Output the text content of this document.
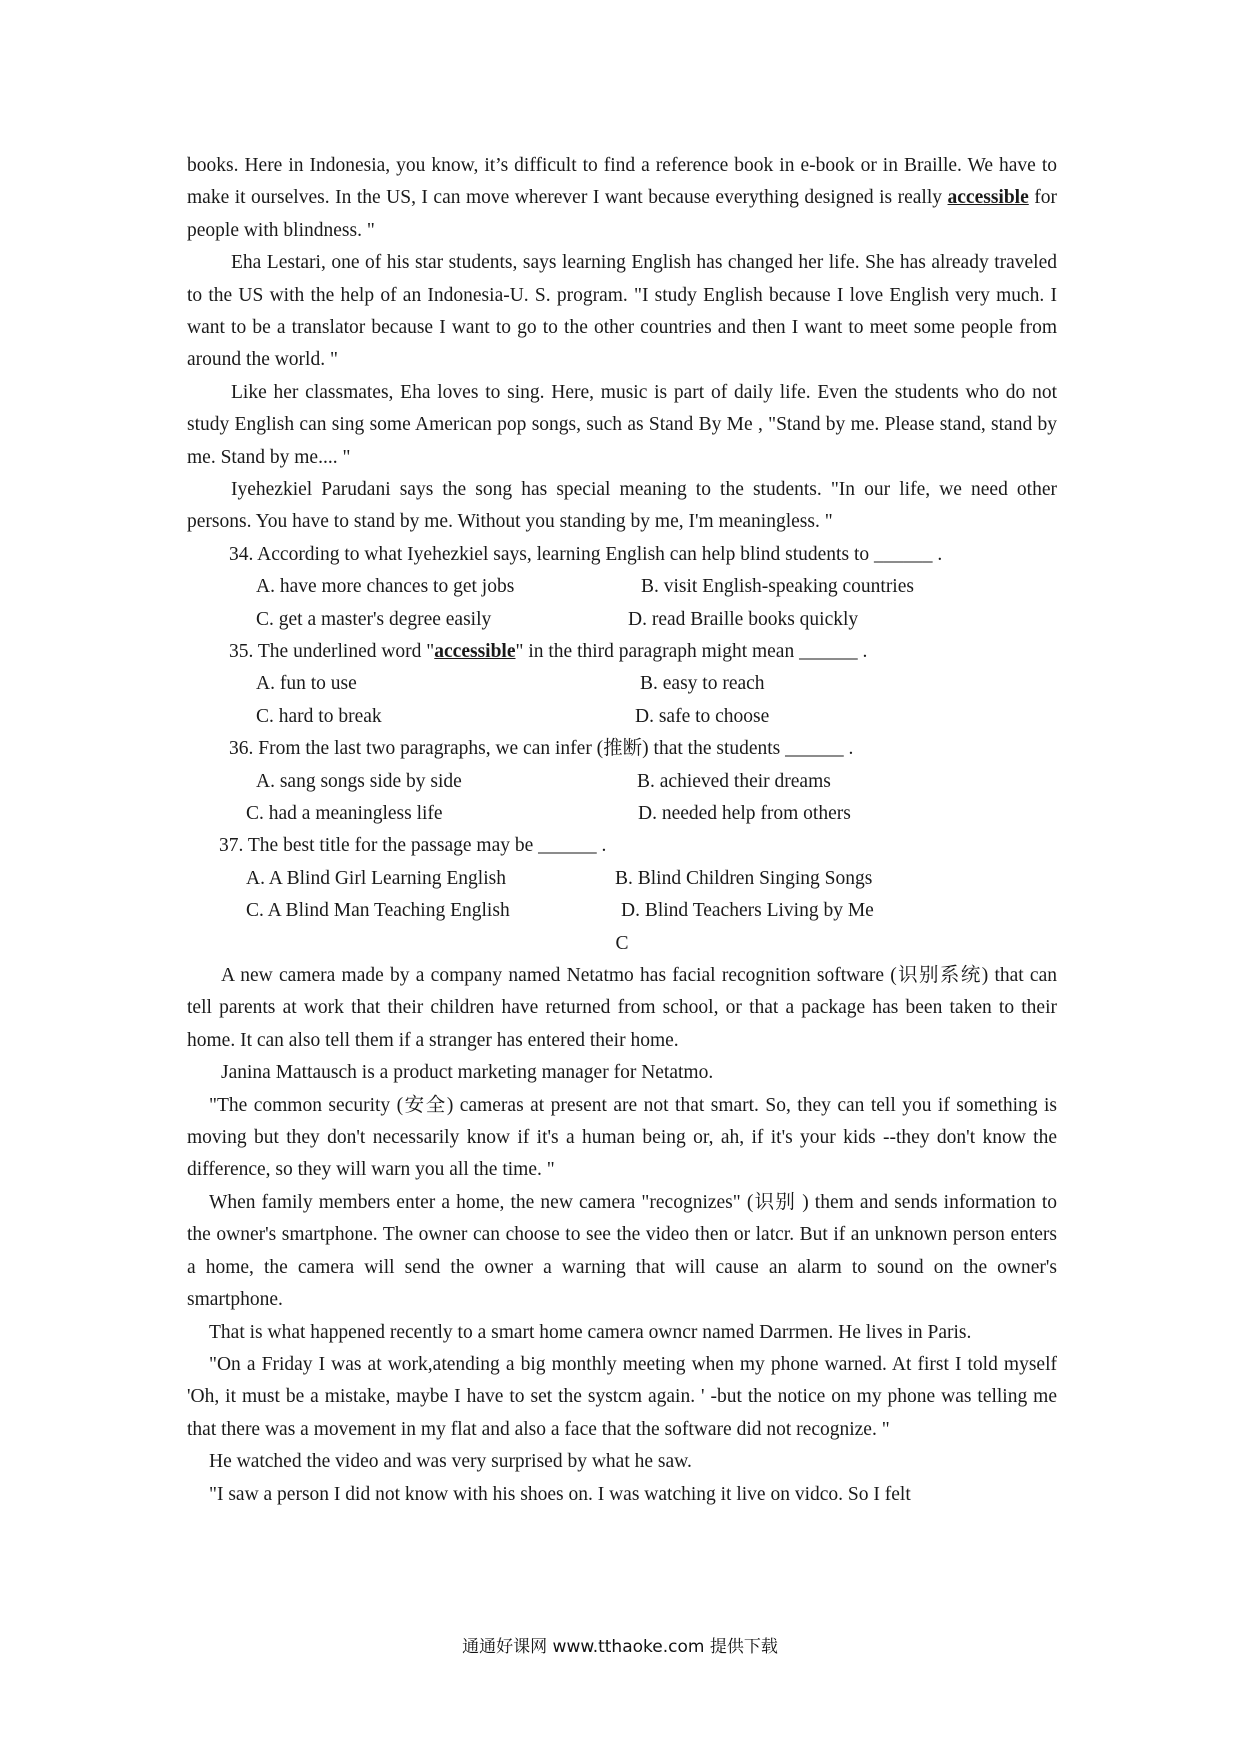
books. Here in Indonesia, you know, it’s difficult to find a reference book in e-book or in Braille. We have to make it ourselves. In the US, I can move wherever I want because everything designed is really accessible for people with blindness. "

Eha Lestari, one of his star students, says learning English has changed her life. She has already traveled to the US with the help of an Indonesia-U. S. program. "I study English because I love English very much. I want to be a translator because I want to go to the other countries and then I want to meet some people from around the world. "

Like her classmates, Eha loves to sing. Here, music is part of daily life. Even the students who do not study English can sing some American pop songs, such as Stand By Me , "Stand by me. Please stand, stand by me. Stand by me.... "

Iyehezkiel Parudani says the song has special meaning to the students. "In our life, we need other persons. You have to stand by me. Without you standing by me, I'm meaningless. "

34. According to what Iyehezkiel says, learning English can help blind students to ______ .

A. have more chances to get jobs	B. visit English-speaking countries
C. get a master's degree easily	D. read Braille books quickly

35. The underlined word "accessible" in the third paragraph might mean ______ .

A. fun to use	B. easy to reach
C. hard to break	D. safe to choose

36. From the last two paragraphs, we can infer (推断) that the students ______ .

A. sang songs side by side	B. achieved their dreams
C. had a meaningless life	D. needed help from others

37. The best title for the passage may be ______ .

A. A Blind Girl Learning English	B. Blind Children Singing Songs
C. A Blind Man Teaching English	D. Blind Teachers Living by Me

C

A new camera made by a company named Netatmo has facial recognition software (识别系统) that can tell parents at work that their children have returned from school, or that a package has been taken to their home. It can also tell them if a stranger has entered their home.

Janina Mattausch is a product marketing manager for Netatmo.

"The common security (安全) cameras at present are not that smart. So, they can tell you if something is moving but they don't necessarily know if it's a human being or, ah, if it's your kids --they don't know the difference, so they will warn you all the time. "

When family members enter a home, the new camera "recognizes" (识别 ) them and sends information to the owner's smartphone. The owner can choose to see the video then or latcr. But if an unknown person enters a home, the camera will send the owner a warning that will cause an alarm to sound on the owner's smartphone.

That is what happened recently to a smart home camera owncr named Darrmen. He lives in Paris.

"On a Friday I was at work,atending a big monthly meeting when my phone warned. At first I told myself 'Oh, it must be a mistake, maybe I have to set the systcm again. ' -but the notice on my phone was telling me that there was a movement in my flat and also a face that the software did not recognize. "

He watched the video and was very surprised by what he saw.

"I saw a person I did not know with his shoes on. I was watching it live on vidco. So I felt

通通好课网 www.tthaoke.com 提供下载
